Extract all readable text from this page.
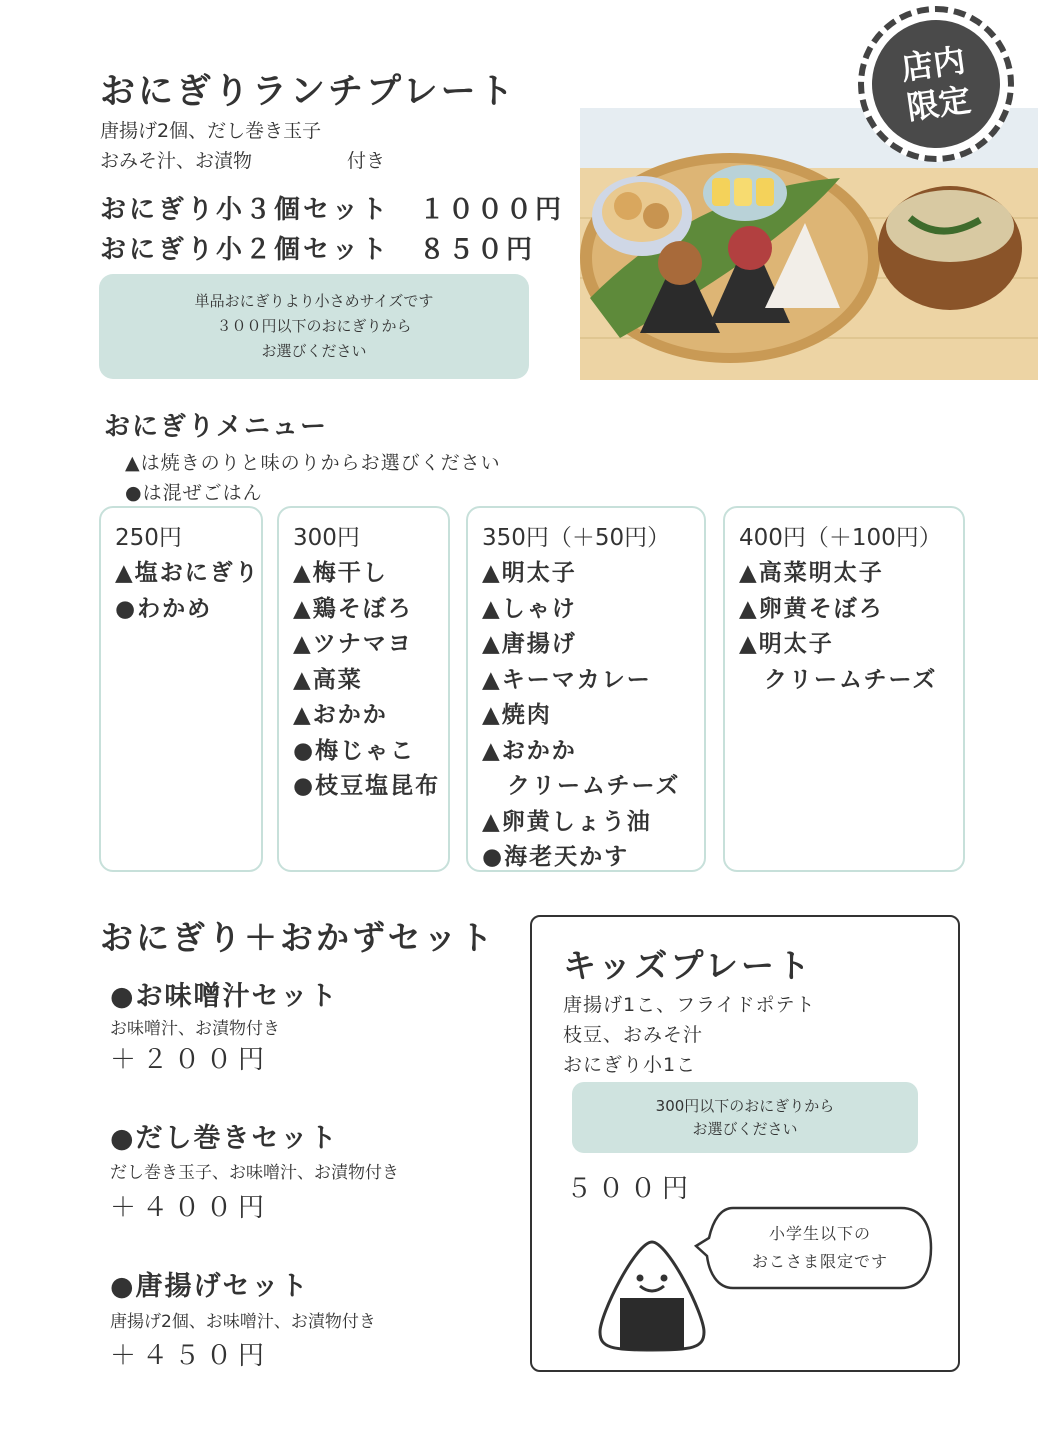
おにぎりランチプレート
唐揚げ2個、だし巻き玉子
おみそ汁、お漬物　　　　　付き
おにぎり小３個セット　１０００円
おにぎり小２個セット　８５０円
単品おにぎりより小さめサイズです
３００円以下のおにぎりから
お選びください
店内
限定
おにぎりメニュー
▲は焼きのりと味のりからお選びください
●は混ぜごはん
250円
▲塩おにぎり
●わかめ
300円
▲梅干し
▲鶏そぼろ
▲ツナマヨ
▲高菜
▲おかか
●梅じゃこ
●枝豆塩昆布
350円（＋50円）
▲明太子
▲しゃけ
▲唐揚げ
▲キーマカレー
▲焼肉
▲おかか
　クリームチーズ
▲卵黄しょう油
●海老天かす
400円（＋100円）
▲高菜明太子
▲卵黄そぼろ
▲明太子
　クリームチーズ
おにぎり＋おかずセット
●お味噌汁セット
お味噌汁、お漬物付き
＋２００円
●だし巻きセット
だし巻き玉子、お味噌汁、お漬物付き
＋４００円
●唐揚げセット
唐揚げ2個、お味噌汁、お漬物付き
＋４５０円
キッズプレート
唐揚げ1こ、フライドポテト
枝豆、おみそ汁
おにぎり小1こ
300円以下のおにぎりから
お選びください
５００円
小学生以下の
おこさま限定です
